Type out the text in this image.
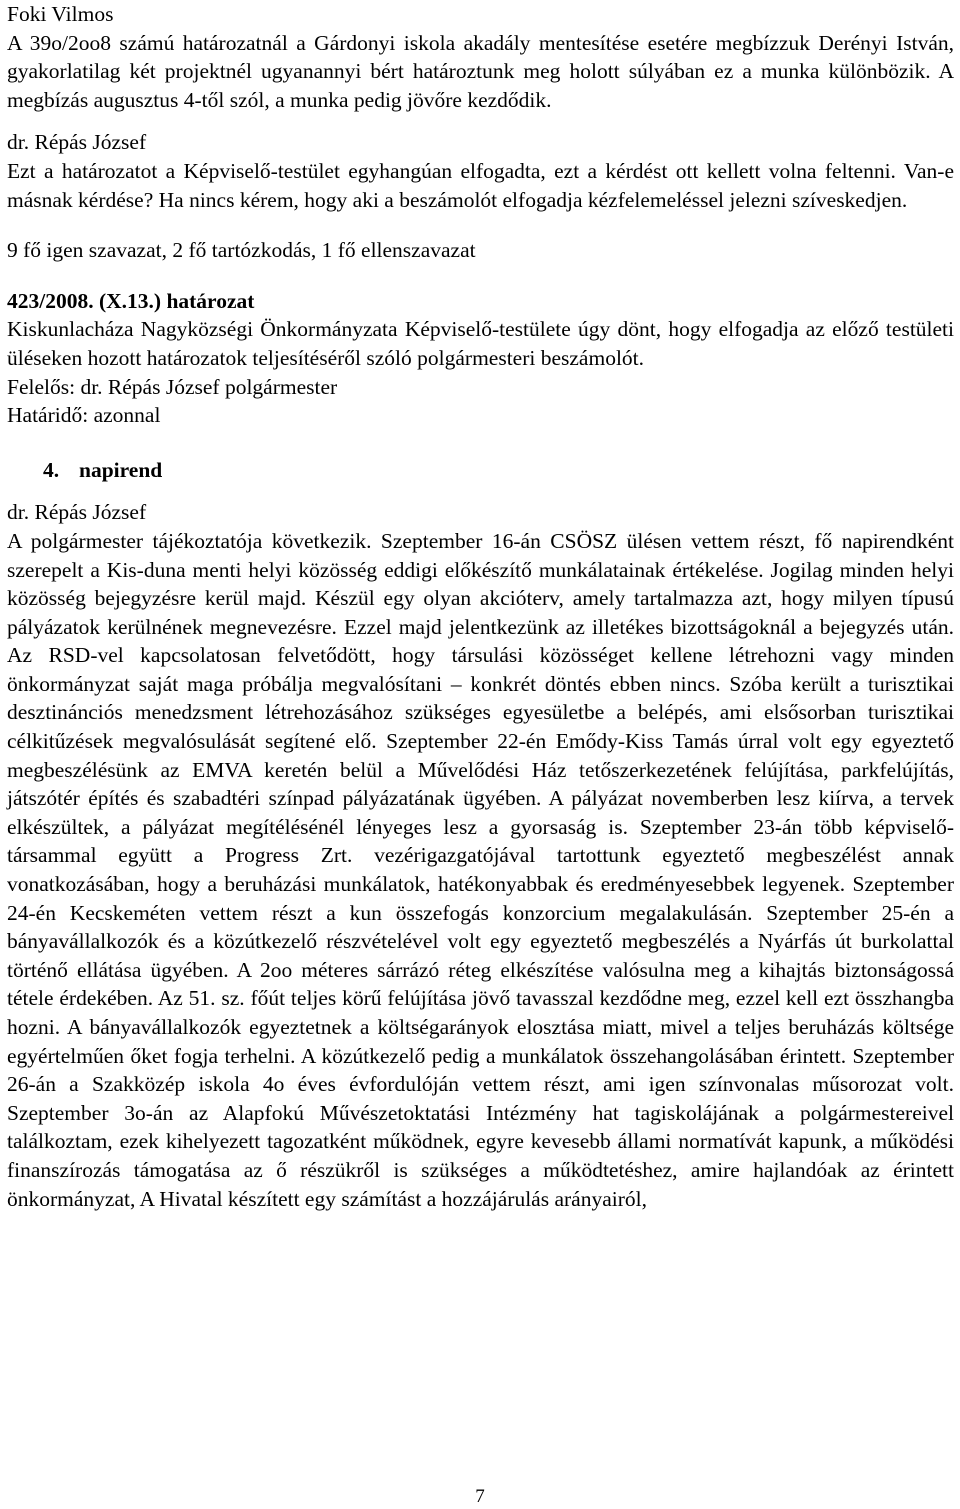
Foki Vilmos

A 39o/2oo8 számú határozatnál a Gárdonyi iskola akadály mentesítése esetére megbízzuk Derényi István, gyakorlatilag két projektnél ugyanannyi bért határoztunk meg holott súlyában ez a munka különbözik. A megbízás augusztus 4-től szól, a munka pedig jövőre kezdődik.

dr. Répás József

Ezt a határozatot a Képviselő-testület egyhangúan elfogadta, ezt a kérdést ott kellett volna feltenni. Van-e másnak kérdése? Ha nincs kérem, hogy aki a beszámolót elfogadja kézfelemeléssel jelezni szíveskedjen.

9 fő igen szavazat, 2 fő tartózkodás, 1 fő ellenszavazat

423/2008. (X.13.) határozat

Kiskunlacháza Nagyközségi Önkormányzata Képviselő-testülete úgy dönt, hogy elfogadja az előző testületi üléseken hozott határozatok teljesítéséről szóló polgármesteri beszámolót.

Felelős: dr. Répás József polgármester

Határidő: azonnal

4. napirend

dr. Répás József

A polgármester tájékoztatója következik. Szeptember 16-án CSÖSZ ülésen vettem részt, fő napirendként szerepelt a Kis-duna menti helyi közösség eddigi előkészítő munkálatainak értékelése. Jogilag minden helyi közösség bejegyzésre kerül majd. Készül egy olyan akcióterv, amely tartalmazza azt, hogy milyen típusú pályázatok kerülnének megnevezésre. Ezzel majd jelentkezünk az illetékes bizottságoknál a bejegyzés után. Az RSD-vel kapcsolatosan felvetődött, hogy társulási közösséget kellene létrehozni vagy minden önkormányzat saját maga próbálja megvalósítani – konkrét döntés ebben nincs. Szóba került a turisztikai desztinánciós menedzsment létrehozásához szükséges egyesületbe a belépés, ami elsősorban turisztikai célkitűzések megvalósulását segítené elő. Szeptember 22-én Emődy-Kiss Tamás úrral volt egy egyeztető megbeszélésünk az EMVA keretén belül a Művelődési Ház tetőszerkezetének felújítása, parkfelújítás, játszótér építés és szabadtéri színpad pályázatának ügyében. A pályázat novemberben lesz kiírva, a tervek elkészültek, a pályázat megítélésénél lényeges lesz a gyorsaság is. Szeptember 23-án több képviselő-társammal együtt a Progress Zrt. vezérigazgatójával tartottunk egyeztető megbeszélést annak vonatkozásában, hogy a beruházási munkálatok, hatékonyabbak és eredményesebbek legyenek. Szeptember 24-én Kecskeméten vettem részt a kun összefogás konzorcium megalakulásán. Szeptember 25-én a bányavállalkozók és a közútkezelő részvételével volt egy egyeztető megbeszélés a Nyárfás út burkolattal történő ellátása ügyében. A 2oo méteres sárrázó réteg elkészítése valósulna meg a kihajtás biztonságossá tétele érdekében. Az 51. sz. főút teljes körű felújítása jövő tavasszal kezdődne meg, ezzel kell ezt összhangba hozni. A bányavállalkozók egyeztetnek a költségarányok elosztása miatt, mivel a teljes beruházás költsége egyértelműen őket fogja terhelni. A közútkezelő pedig a munkálatok összehangolásában érintett. Szeptember 26-án a Szakközép iskola 4o éves évfordulóján vettem részt, ami igen színvonalas műsorozat volt. Szeptember 3o-án az Alapfokú Művészetoktatási Intézmény hat tagiskolájának a polgármestereivel találkoztam, ezek kihelyezett tagozatként működnek, egyre kevesebb állami normatívát kapunk, a működési finanszírozás támogatása az ő részükről is szükséges a működtetéshez, amire hajlandóak az érintett önkormányzat, A Hivatal készített egy számítást a hozzájárulás arányairól,

7
